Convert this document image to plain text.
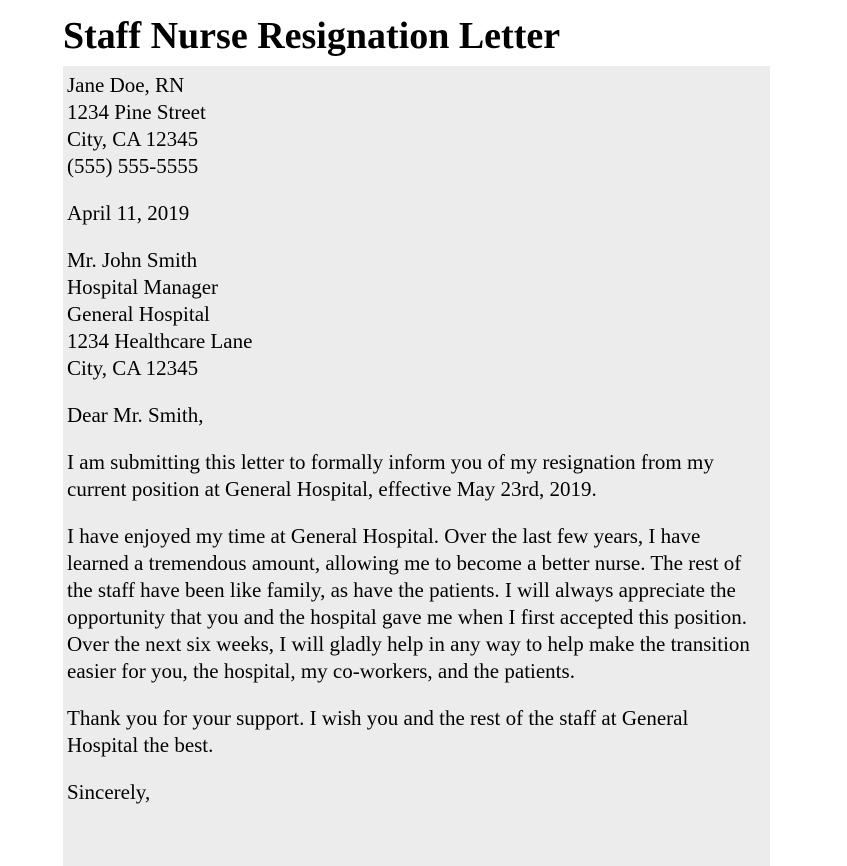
Staff Nurse Resignation Letter

Jane Doe, RN
1234 Pine Street
City, CA 12345
(555) 555-5555

April 11, 2019

Mr. John Smith
Hospital Manager
General Hospital
1234 Healthcare Lane
City, CA 12345

Dear Mr. Smith,

I am submitting this letter to formally inform you of my resignation from my current position at General Hospital, effective May 23rd, 2019.

I have enjoyed my time at General Hospital. Over the last few years, I have learned a tremendous amount, allowing me to become a better nurse. The rest of the staff have been like family, as have the patients. I will always appreciate the opportunity that you and the hospital gave me when I first accepted this position. Over the next six weeks, I will gladly help in any way to help make the transition easier for you, the hospital, my co-workers, and the patients.

Thank you for your support. I wish you and the rest of the staff at General Hospital the best.

Sincerely,
